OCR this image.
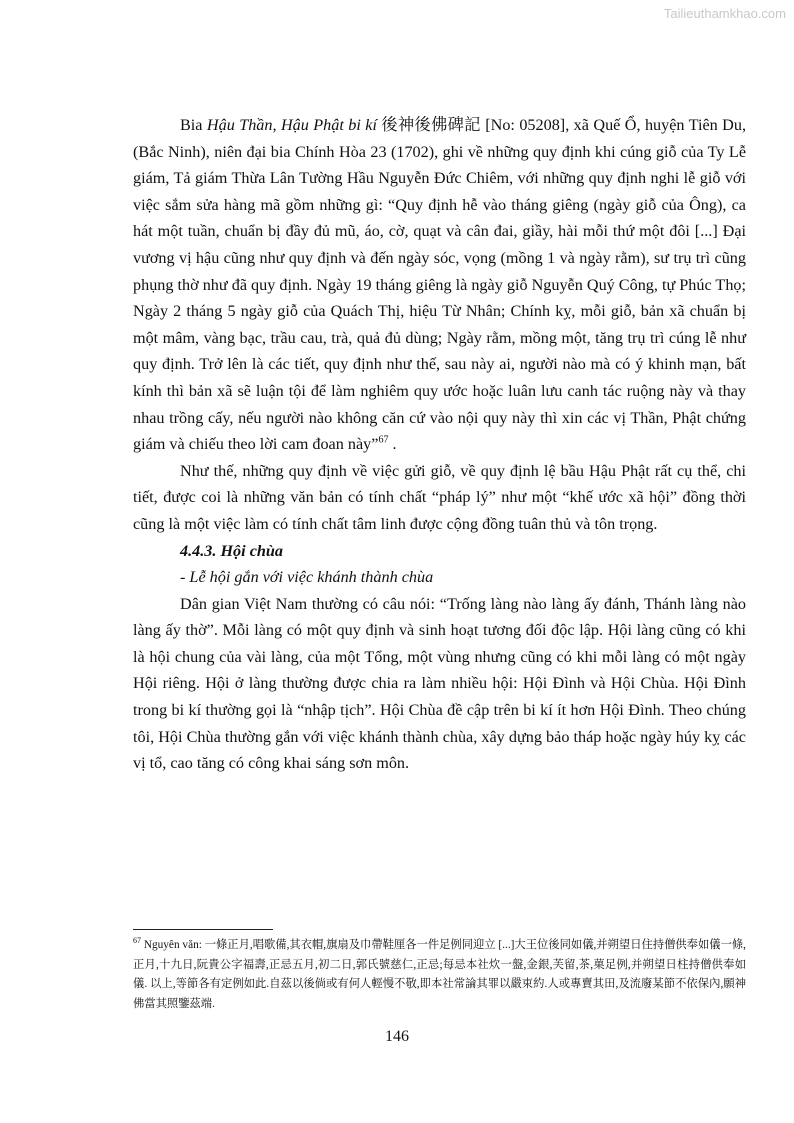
Tailieuthamkhao.com

Bia Hậu Thần, Hậu Phật bi kí 後神後佛碑記 [No: 05208], xã Quế Ổ, huyện Tiên Du, (Bắc Ninh), niên đại bia Chính Hòa 23 (1702), ghi về những quy định khi cúng giỗ của Ty Lễ giám, Tả giám Thừa Lân Tường Hầu Nguyễn Đức Chiêm, với những quy định nghi lễ giỗ với việc sắm sửa hàng mã gồm những gì: “Quy định hễ vào tháng giêng (ngày giỗ của Ông), ca hát một tuần, chuẩn bị đầy đủ mũ, áo, cờ, quạt và cân đai, giầy, hài mỗi thứ một đôi [...] Đại vương vị hậu cũng như quy định và đến ngày sóc, vọng (mồng 1 và ngày rằm), sư trụ trì cũng phụng thờ như đã quy định. Ngày 19 tháng giêng là ngày giỗ Nguyễn Quý Công, tự Phúc Thọ; Ngày 2 tháng 5 ngày giỗ của Quách Thị, hiệu Từ Nhân; Chính kỵ, mỗi giỗ, bản xã chuẩn bị một mâm, vàng bạc, trầu cau, trà, quả đủ dùng; Ngày rằm, mồng một, tăng trụ trì cúng lễ như quy định. Trở lên là các tiết, quy định như thế, sau này ai, người nào mà có ý khinh mạn, bất kính thì bản xã sẽ luận tội để làm nghiêm quy ước hoặc luân lưu canh tác ruộng này và thay nhau trồng cấy, nếu người nào không căn cứ vào nội quy này thì xin các vị Thần, Phật chứng giám và chiếu theo lời cam đoan này”$^{67}$ .

Như thế, những quy định về việc gửi giỗ, về quy định lệ bầu Hậu Phật rất cụ thể, chi tiết, được coi là những văn bản có tính chất “pháp lý” như một “khế ước xã hội” đồng thời cũng là một việc làm có tính chất tâm linh được cộng đồng tuân thủ và tôn trọng.

4.4.3. Hội chùa

- Lễ hội gắn với việc khánh thành chùa

Dân gian Việt Nam thường có câu nói: “Trống làng nào làng ấy đánh, Thánh làng nào làng ấy thờ”. Mỗi làng có một quy định và sinh hoạt tương đối độc lập. Hội làng cũng có khi là hội chung của vài làng, của một Tổng, một vùng nhưng cũng có khi mỗi làng có một ngày Hội riêng. Hội ở làng thường được chia ra làm nhiều hội: Hội Đình và Hội Chùa. Hội Đình trong bi kí thường gọi là “nhập tịch”. Hội Chùa đề cập trên bi kí ít hơn Hội Đình. Theo chúng tôi, Hội Chùa thường gắn với việc khánh thành chùa, xây dựng bảo tháp hoặc ngày húy kỵ các vị tổ, cao tăng có công khai sáng sơn môn.

$^{67}$ Nguyên văn: 一條正月,唱歌備,其衣帽,旗扇及巾帶鞋厘各一件足例同迎立 [...]大王位後同如儀,并朔望日住持僧供奉如儀一條,正月,十九日,阮貴公字福壽,正忌五月,初二日,郭氏號慈仁,正忌;每忌本社炊一盤,金銀,芙留,茶,菓足例,并朔望日柱持僧供奉如儀. 以上,等節各有定例如此.自茲以後倘或有何人輕慢不敬,即本社常論其罪以嚴束約.人或專賣其田,及流廢某節不依保內,願神佛當其照鑒茲端.
146
